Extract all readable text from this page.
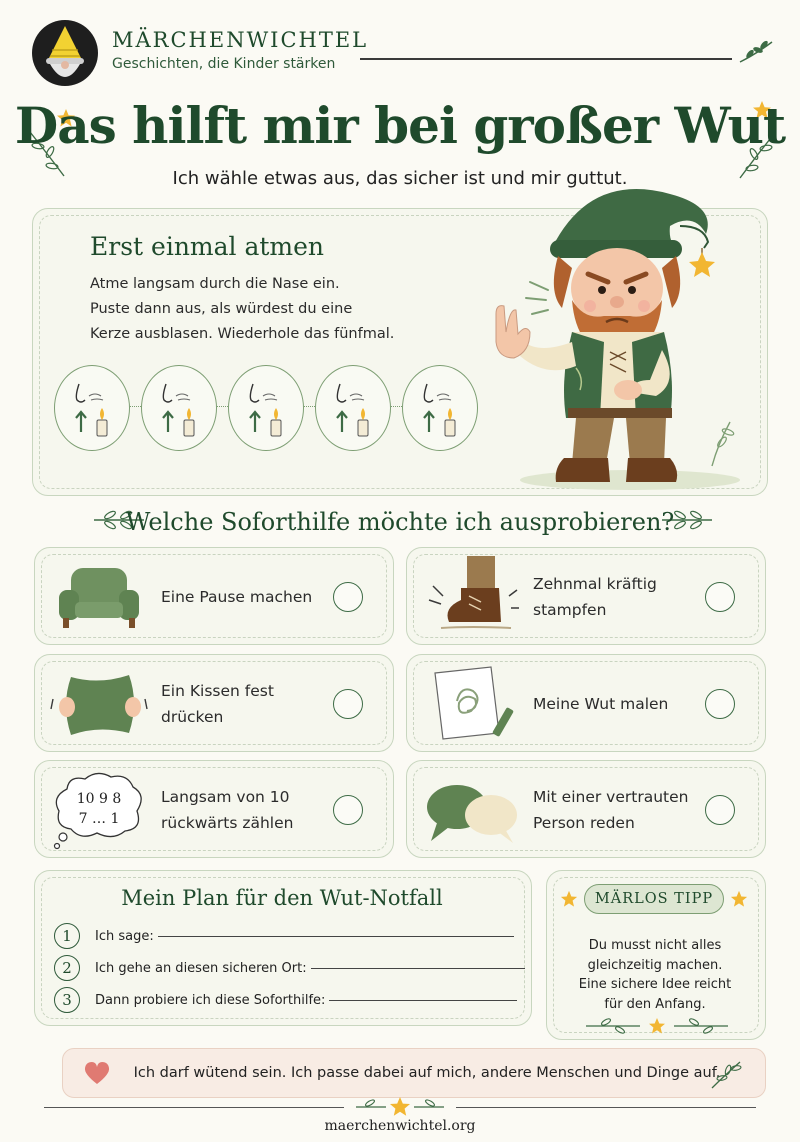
MÄRCHENWICHTEL
Geschichten, die Kinder stärken
Das hilft mir bei großer Wut
Ich wähle etwas aus, das sicher ist und mir guttut.
Erst einmal atmen
Atme langsam durch die Nase ein.
Puste dann aus, als würdest du eine
Kerze ausblasen. Wiederhole das fünfmal.
Welche Soforthilfe möchte ich ausprobieren?
Eine Pause machen
Zehnmal kräftig
stampfen
Ein Kissen fest
drücken
Meine Wut malen
10 9 8
7 … 1
Langsam von 10
rückwärts zählen
Mit einer vertrauten
Person reden
Mein Plan für den Wut-Notfall
1	Ich sage:
2	Ich gehe an diesen sicheren Ort:
3	Dann probiere ich diese Soforthilfe:
MÄRLOS TIPP
Du musst nicht alles
gleichzeitig machen.
Eine sichere Idee reicht
für den Anfang.
Ich darf wütend sein. Ich passe dabei auf mich, andere Menschen und Dinge auf.
maerchenwichtel.org
